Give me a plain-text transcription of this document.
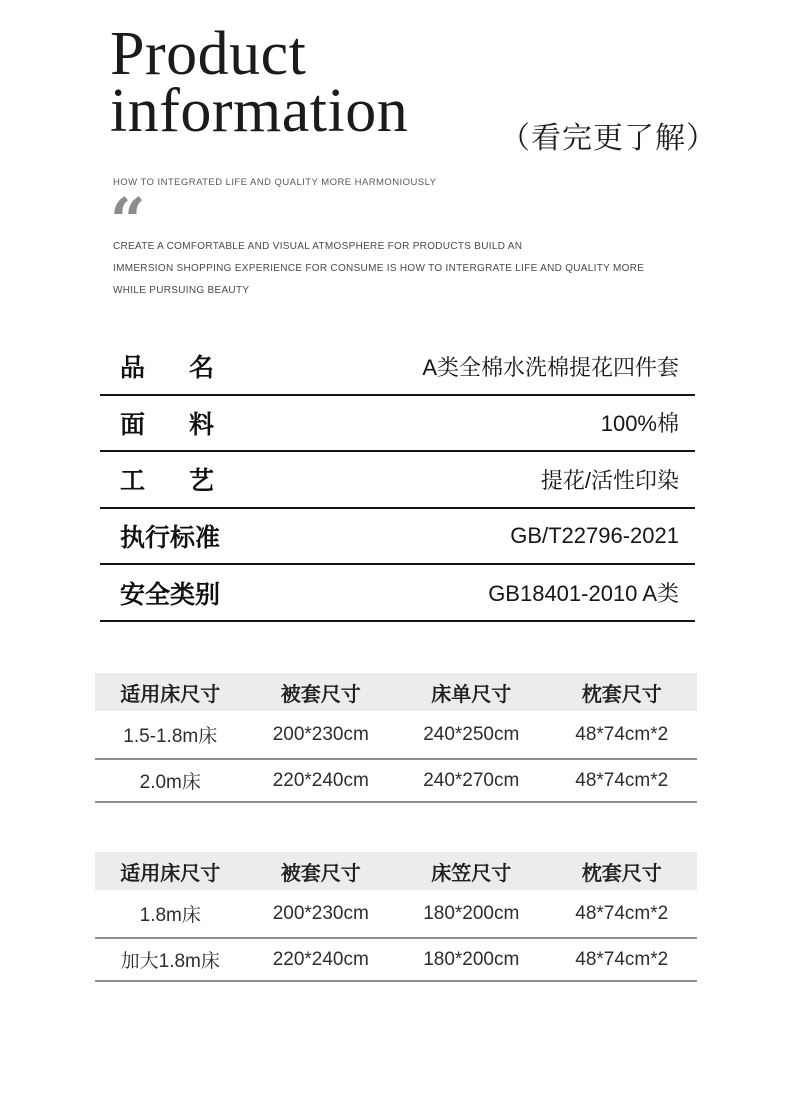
Product
information	（看完更了解）
HOW TO INTEGRATED LIFE AND QUALITY MORE HARMONIOUSLY
“
CREATE A COMFORTABLE AND VISUAL ATMOSPHERE FOR PRODUCTS BUILD AN
IMMERSION SHOPPING EXPERIENCE FOR CONSUME IS HOW TO INTERGRATE LIFE AND QUALITY MORE
WHILE PURSUING BEAUTY
品名	A类全棉水洗棉提花四件套
面料	100%棉
工艺	提花/活性印染
执行标准	GB/T22796-2021
安全类别	GB18401-2010 A类
适用床尺寸	被套尺寸	床单尺寸	枕套尺寸
1.5-1.8m床	200*230cm	240*250cm	48*74cm*2
2.0m床	220*240cm	240*270cm	48*74cm*2
适用床尺寸	被套尺寸	床笠尺寸	枕套尺寸
1.8m床	200*230cm	180*200cm	48*74cm*2
加大1.8m床	220*240cm	180*200cm	48*74cm*2
